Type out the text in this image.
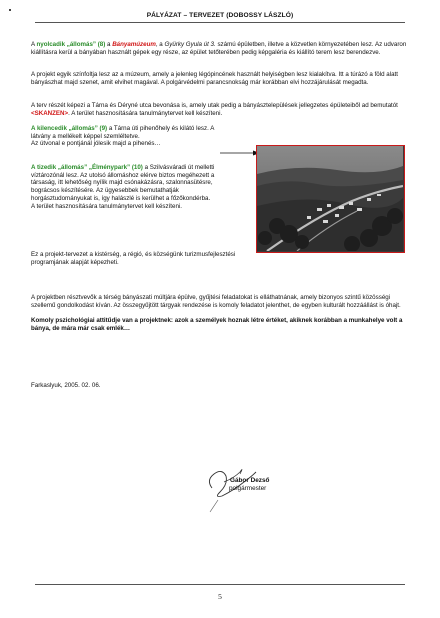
PÁLYÁZAT – TERVEZET (DOBOSSY LÁSZLÓ)
A nyolcadik „állomás” (8) a Bányamúzeum, a Gyürky Gyula út 3. számú épületben, illetve a közvetlen környezetében lesz. Az udvaron kiállításra kerül a bányában használt gépek egy része, az épület tetőterében pedig képgaléria és kiállító terem lesz berendezve.
A projekt egyik színfoltja lesz az a múzeum, amely a jelenleg légópincének használt helyiségben lesz kialakítva. Itt a túrázó a föld alatt bányászhat majd szenet, amit elvihet magával. A polgárvédelmi parancsnokság már korábban elvi hozzájárulását megadta.
A terv részét képezi a Tárna és Déryné utca bevonása is, amely utak pedig a bányásztelepülések jellegzetes épületeiből ad bemutatót <SKANZEN>. A terület hasznosítására tanulmánytervet kell készíteni.
A kilencedik „állomás” (9) a Tárna úti pihenőhely és kilátó lesz. A látvány a mellékelt képpel szemléltetve.
Az útvonal e pontjánál jólesik majd a pihenés…
A tizedik „állomás” „Élménypark” (10) a Szilvásváradi út melletti víztározónál lesz. Az utolsó állomáshoz elérve biztos megéhezett a társaság, itt lehetőség nyílik majd csónakázásra, szalonnasütésre, bográcsos készítésére. Az ügyesebbek bemutathatják horgásztudományukat is, így halászlé is kerülhet a főzőkondérba.
A terület hasznosítására tanulmánytervet kell készíteni.
Ez a projekt-tervezet a kistérség, a régió, és községünk turizmusfejlesztési programjának alapját képezheti.
A projektben résztvevők a térség bányászati múltjára épülve, gyűjtési feladatokat is elláthatnának, amely bizonyos szintű közösségi szellemű gondolkodást kíván. Az összegyűjtött tárgyak rendezése is komoly feladatot jelenthet, de egyben kulturált hozzáállást is óhajt.
Komoly pszichológiai attitűdje van a projektnek: azok a személyek hoznak létre értéket, akiknek korábban a munkahelye volt a bánya, de mára már csak emlék…
Farkaslyuk, 2005. 02. 06.
Gábor Dezső
polgármester
5
